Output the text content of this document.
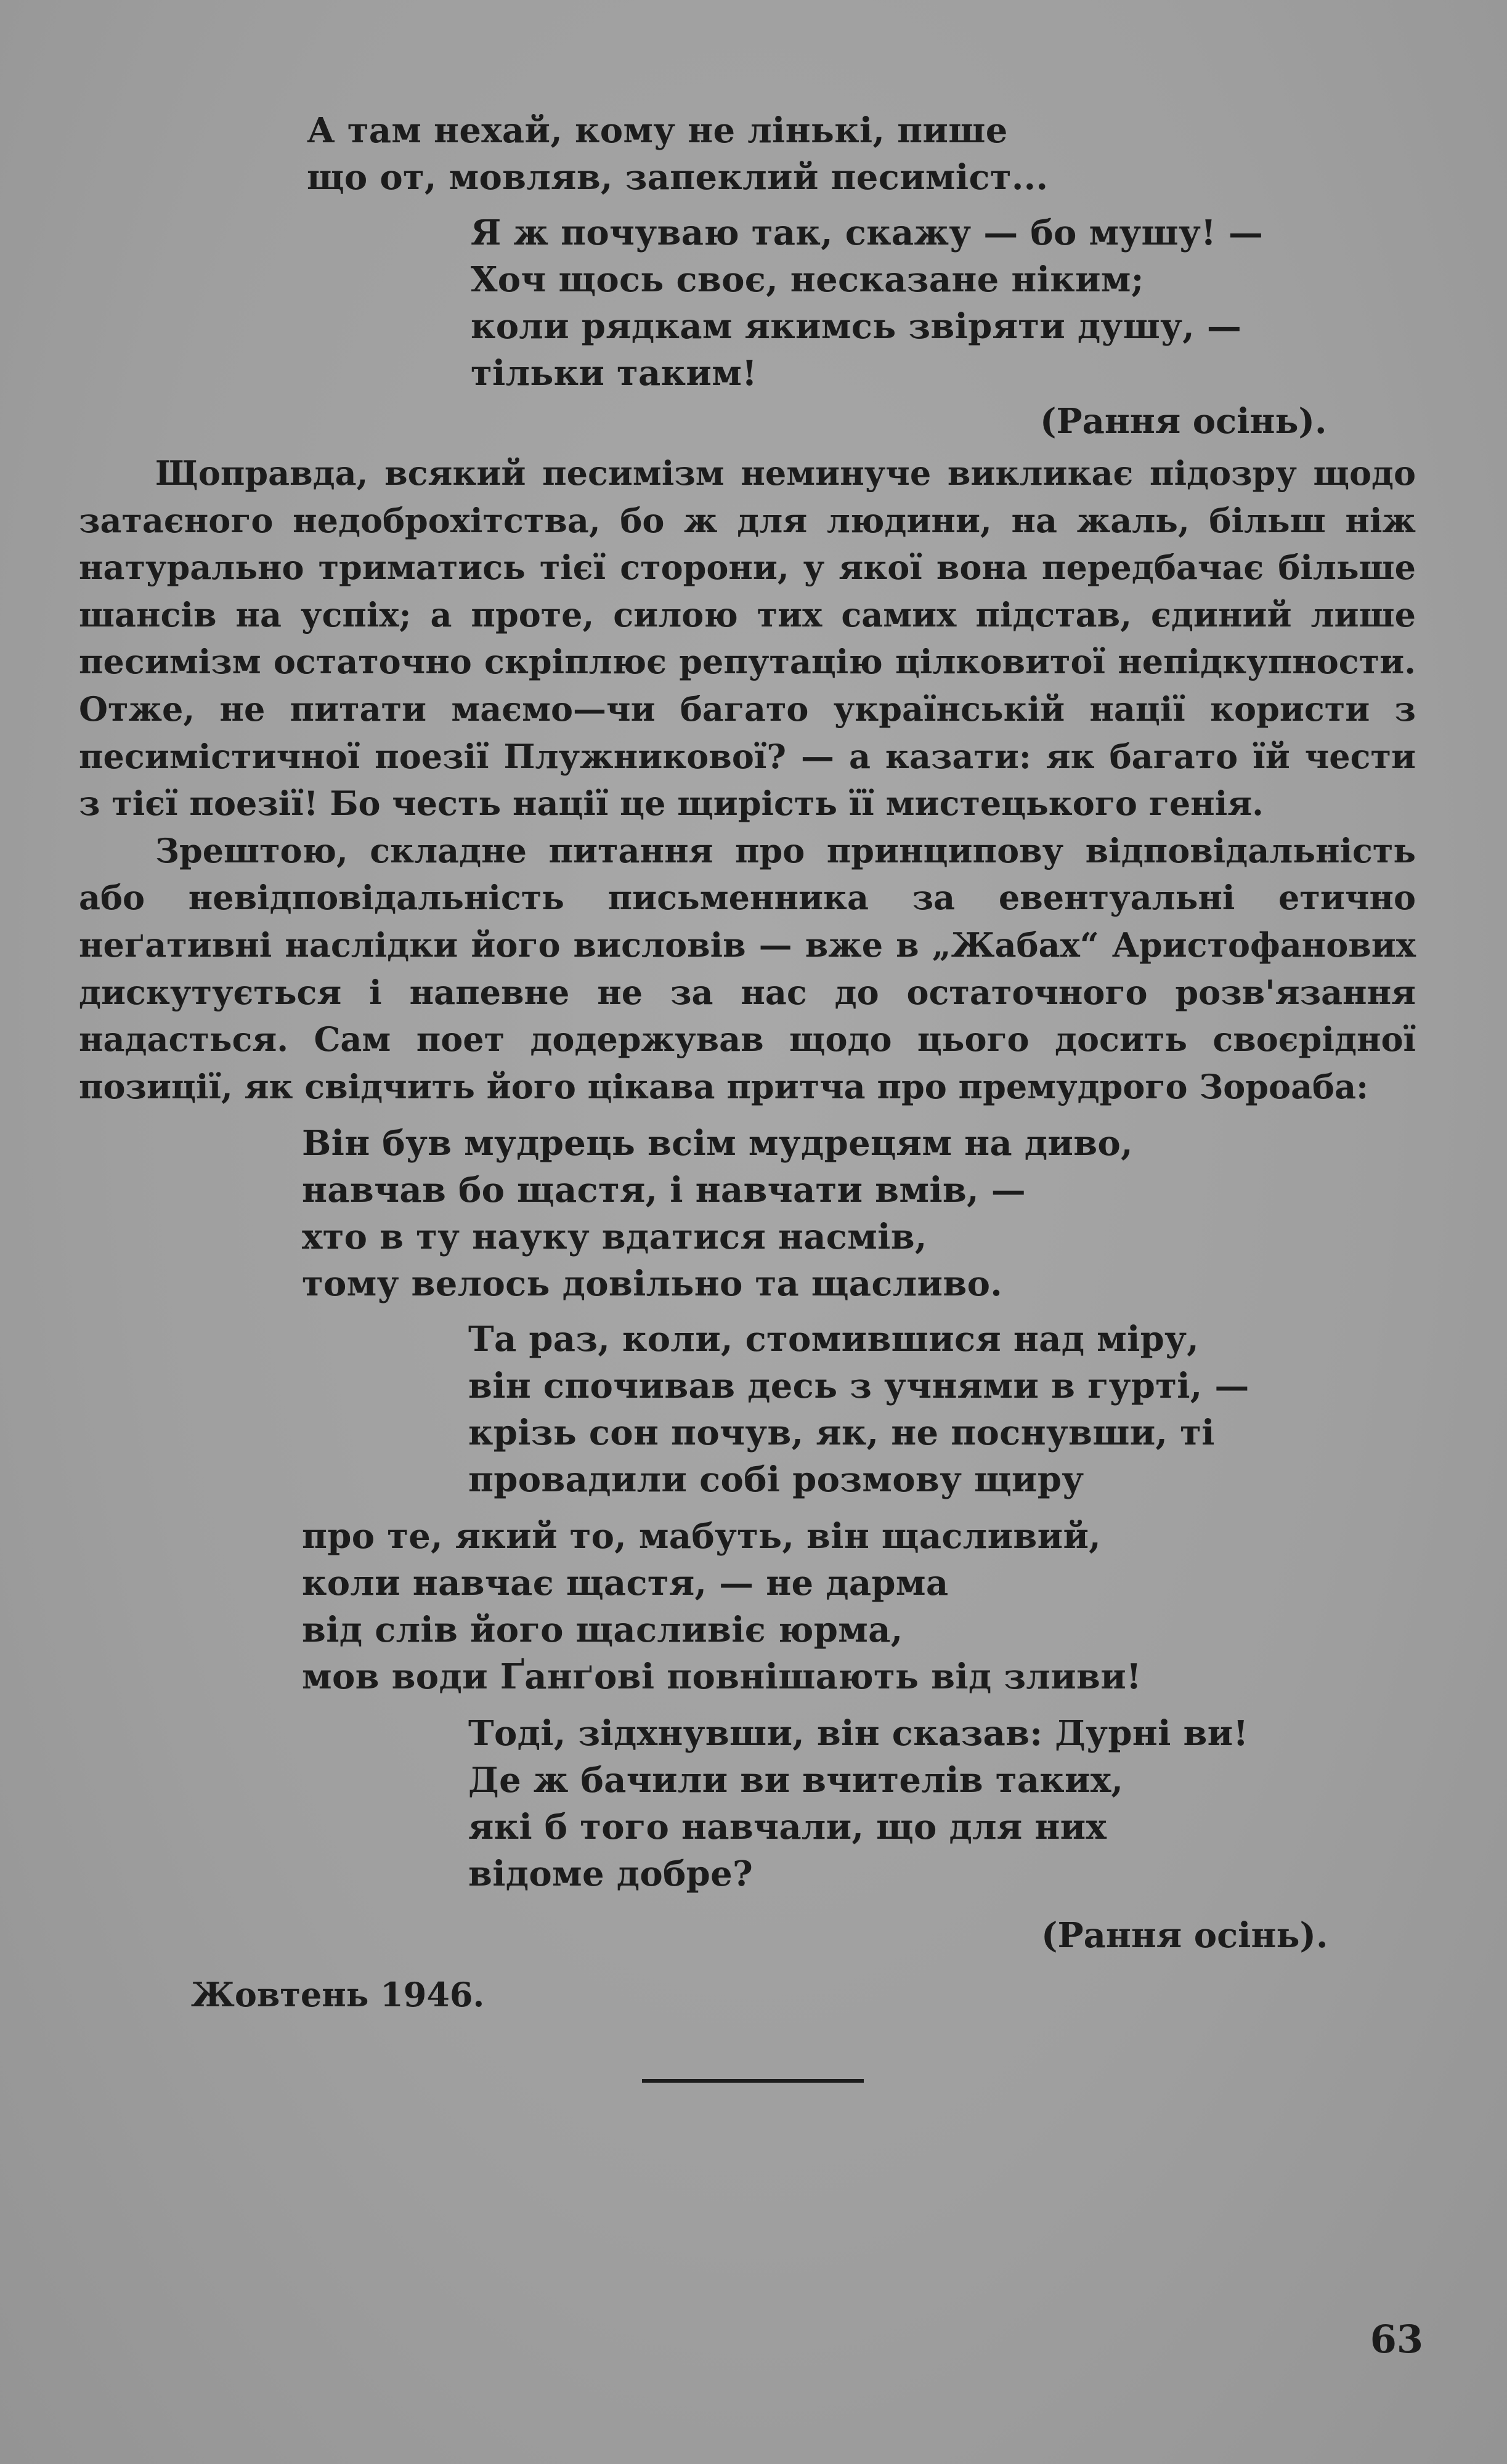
А там нехай, кому не лінькі, пише
що от, мовляв, запеклий песиміст...
Я ж почуваю так, скажу — бо мушу! —
Хоч щось своє, несказане ніким;
коли рядкам якимсь звіряти душу, —
тільки таким!
(Рання осінь).

Щоправда, всякий песимізм неминуче викликає підозру щодо затаєного недоброхітства, бо ж для людини, на жаль, більш ніж натурально триматись тієї сторони, у якої вона передбачає більше шансів на успіх; а проте, силою тих самих підстав, єдиний лише песимізм остаточно скріплює репутацію цілковитої непідкупности. Отже, не питати маємо—чи багато українській нації користи з песимістичної поезії Плужникової? — а казати: як багато їй чести з тієї поезії! Бо честь нації це щирість її мистецького генія.

Зрештою, складне питання про принципову відповідальність або невідповідальність письменника за евентуальні етично неґативні наслідки його висловів — вже в „Жабах“ Аристофанових дискутується і напевне не за нас до остаточного розв'язання надасться. Сам поет додержував щодо цього досить своєрідної позиції, як свідчить його цікава притча про премудрого Зороаба:

Він був мудрець всім мудрецям на диво,
навчав бо щастя, і навчати вмів, —
хто в ту науку вдатися насмів,
тому велось довільно та щасливо.
Та раз, коли, стомившися над міру,
він спочивав десь з учнями в гурті, —
крізь сон почув, як, не поснувши, ті
провадили собі розмову щиру
про те, який то, мабуть, він щасливий,
коли навчає щастя, — не дарма
від слів його щасливіє юрма,
мов води Ґанґові повнішають від зливи!
Тоді, зідхнувши, він сказав: Дурні ви!
Де ж бачили ви вчителів таких,
які б того навчали, що для них
відоме добре?
(Рання осінь).
Жовтень 1946.
63
